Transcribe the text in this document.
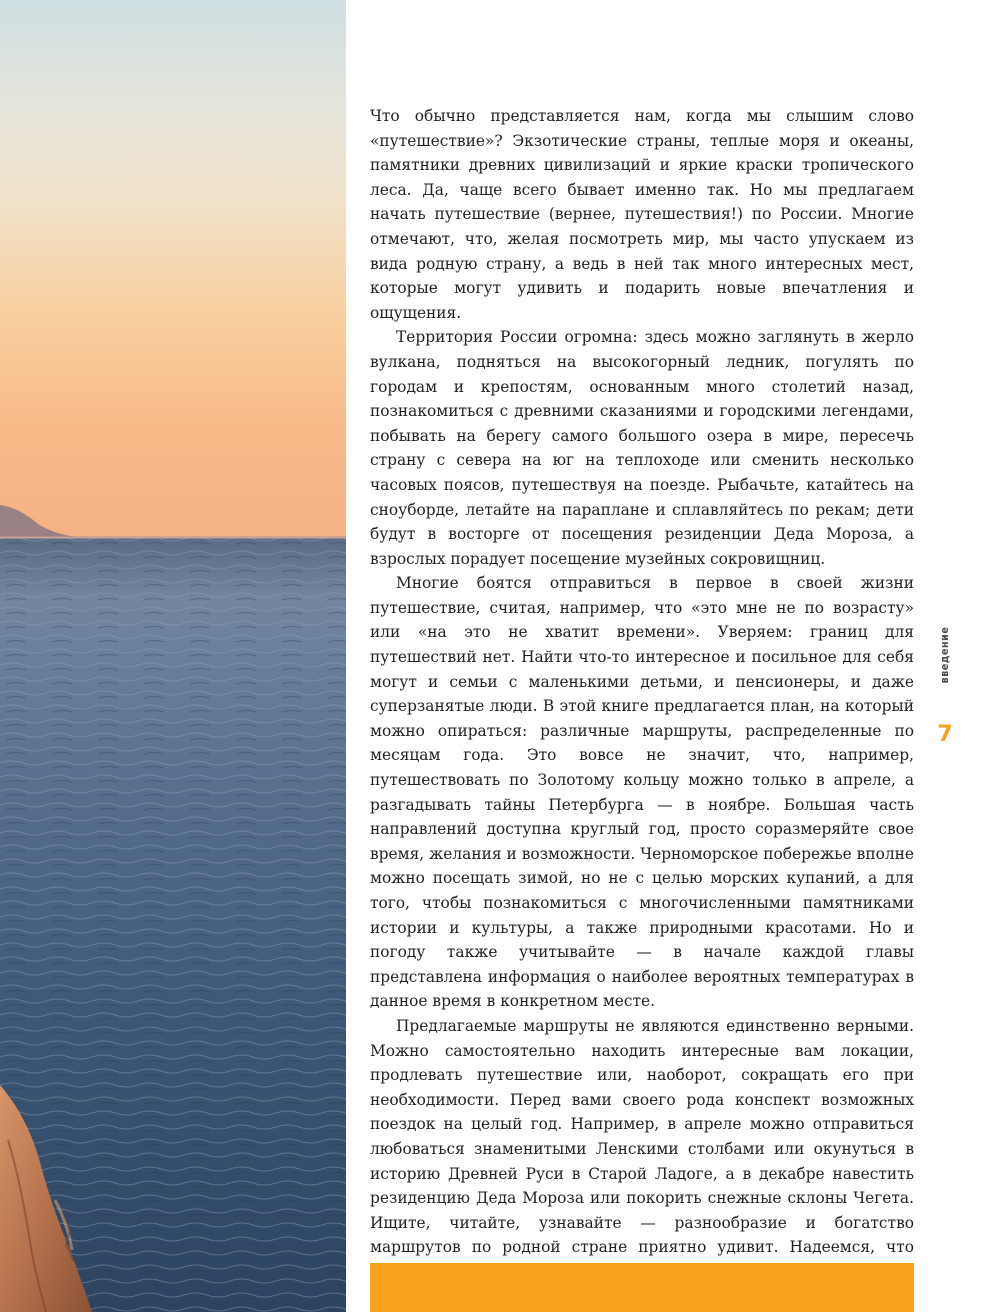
Что обычно представляется нам, когда мы слышим слово «путешествие»? Экзотические страны, теплые моря и океаны, памятники древних цивилизаций и яркие краски тропического леса. Да, чаще всего бывает именно так. Но мы предлагаем начать путешествие (вернее, путешествия!) по России. Многие отмечают, что, желая посмотреть мир, мы часто упускаем из вида родную страну, а ведь в ней так много интересных мест, которые могут удивить и подарить новые впечатления и ощущения.

Территория России огромна: здесь можно заглянуть в жерло вулкана, подняться на высокогорный ледник, погулять по городам и крепостям, основанным много столетий назад, познакомиться с древними сказаниями и городскими легендами, побывать на берегу самого большого озера в мире, пересечь страну с севера на юг на теплоходе или сменить несколько часовых поясов, путешествуя на поезде. Рыбачьте, катайтесь на сноуборде, летайте на параплане и сплавляйтесь по рекам; дети будут в восторге от посещения резиденции Деда Мороза, а взрослых порадует посещение музейных сокровищниц.

Многие боятся отправиться в первое в своей жизни путешествие, считая, например, что «это мне не по возрасту» или «на это не хватит времени». Уверяем: границ для путешествий нет. Найти что-то интересное и посильное для себя могут и семьи с маленькими детьми, и пенсионеры, и даже суперзанятые люди. В этой книге предлагается план, на который можно опираться: различные маршруты, распределенные по месяцам года. Это вовсе не значит, что, например, путешествовать по Золотому кольцу можно только в апреле, а разгадывать тайны Петербурга — в ноябре. Большая часть направлений доступна круглый год, просто соразмеряйте свое время, желания и возможности. Черноморское побережье вполне можно посещать зимой, но не с целью морских купаний, а для того, чтобы познакомиться с многочисленными памятниками истории и культуры, а также природными красотами. Но и погоду также учитывайте — в начале каждой главы представлена информация о наиболее вероятных температурах в данное время в конкретном месте.

Предлагаемые маршруты не являются единственно верными. Можно самостоятельно находить интересные вам локации, продлевать путешествие или, наоборот, сокращать его при необходимости. Перед вами своего рода конспект возможных поездок на целый год. Например, в апреле можно отправиться любоваться знаменитыми Ленскими столбами или окунуться в историю Древней Руси в Старой Ладоге, а в декабре навестить резиденцию Деда Мороза или покорить снежные склоны Чегета. Ищите, читайте, узнавайте — разнообразие и богатство маршрутов по родной стране приятно удивит. Надеемся, что

введение
7
